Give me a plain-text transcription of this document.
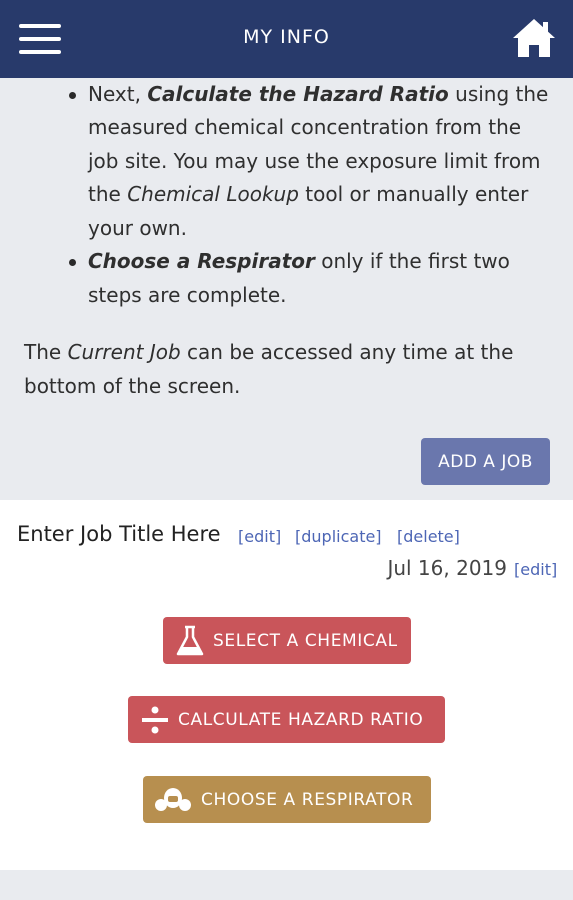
MY INFO
Next, Calculate the Hazard Ratio using the measured chemical concentration from the job site. You may use the exposure limit from the Chemical Lookup tool or manually enter your own.
Choose a Respirator only if the first two steps are complete.

The Current Job can be accessed any time at the bottom of the screen.

ADD A JOB
Enter Job Title Here [edit] [duplicate] [delete]
Jul 16, 2019 [edit]
SELECT A CHEMICAL
CALCULATE HAZARD RATIO
CHOOSE A RESPIRATOR
